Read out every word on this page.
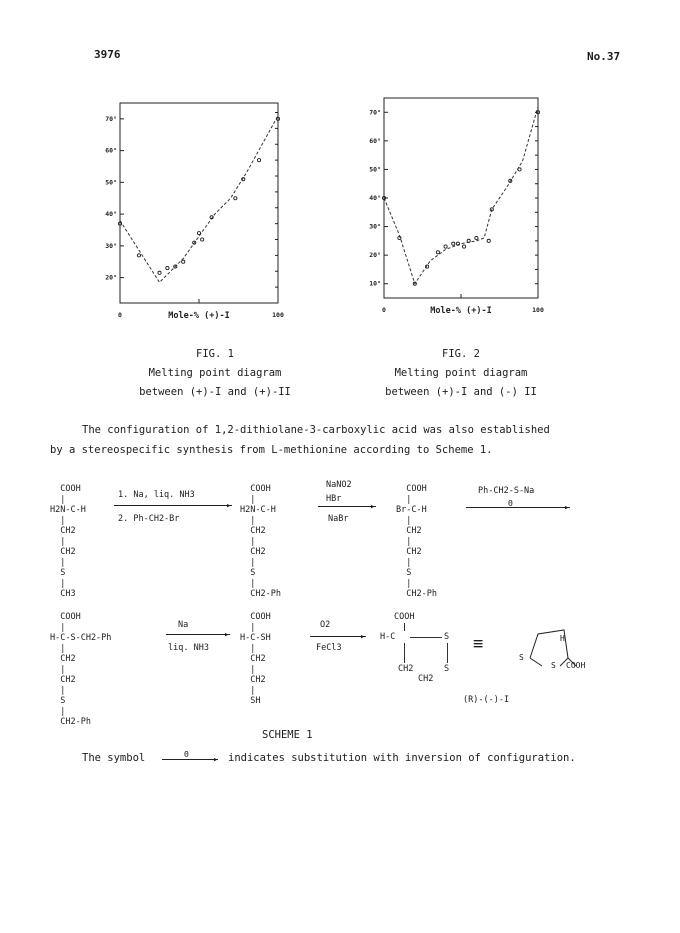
3976	No.37
20°
30°
40°
50°
60°
70°
0	100
Mole-% (+)-I
10°
20°
30°
40°
50°
60°
70°
0	100
Mole-% (+)-I
FIG. 1
Melting point diagram
between (+)-I and (+)-II
FIG. 2
Melting point diagram
between (+)-I and (-) II
The configuration of 1,2-dithiolane-3-carboxylic acid was also established
by a stereospecific synthesis from L-methionine according to Scheme 1.
COOH
|
H2N-C-H
|
CH2
|
CH2
|
S
|
CH3
1. Na, liq. NH3
▸
2. Ph-CH2-Br
COOH
|
H2N-C-H
|
CH2
|
CH2
|
S
|
CH2-Ph
NaNO2
HBr
▸
NaBr
COOH
|
Br-C-H
|
CH2
|
CH2
|
S
|
CH2-Ph
Ph-CH2-S-Na
▸
Θ
COOH
|
H-C-S-CH2-Ph
|
CH2
|
CH2
|
S
|
CH2-Ph
Na
▸
liq. NH3
COOH
|
H-C-SH
|
CH2
|
CH2
|
SH
O2
▸
FeCl3
COOH
H-C	S
CH2	S
CH2
≡
S
S
H
COOH
(R)-(-)-I
SCHEME 1
The symbol	▸
Θ	indicates substitution with inversion of configuration.
